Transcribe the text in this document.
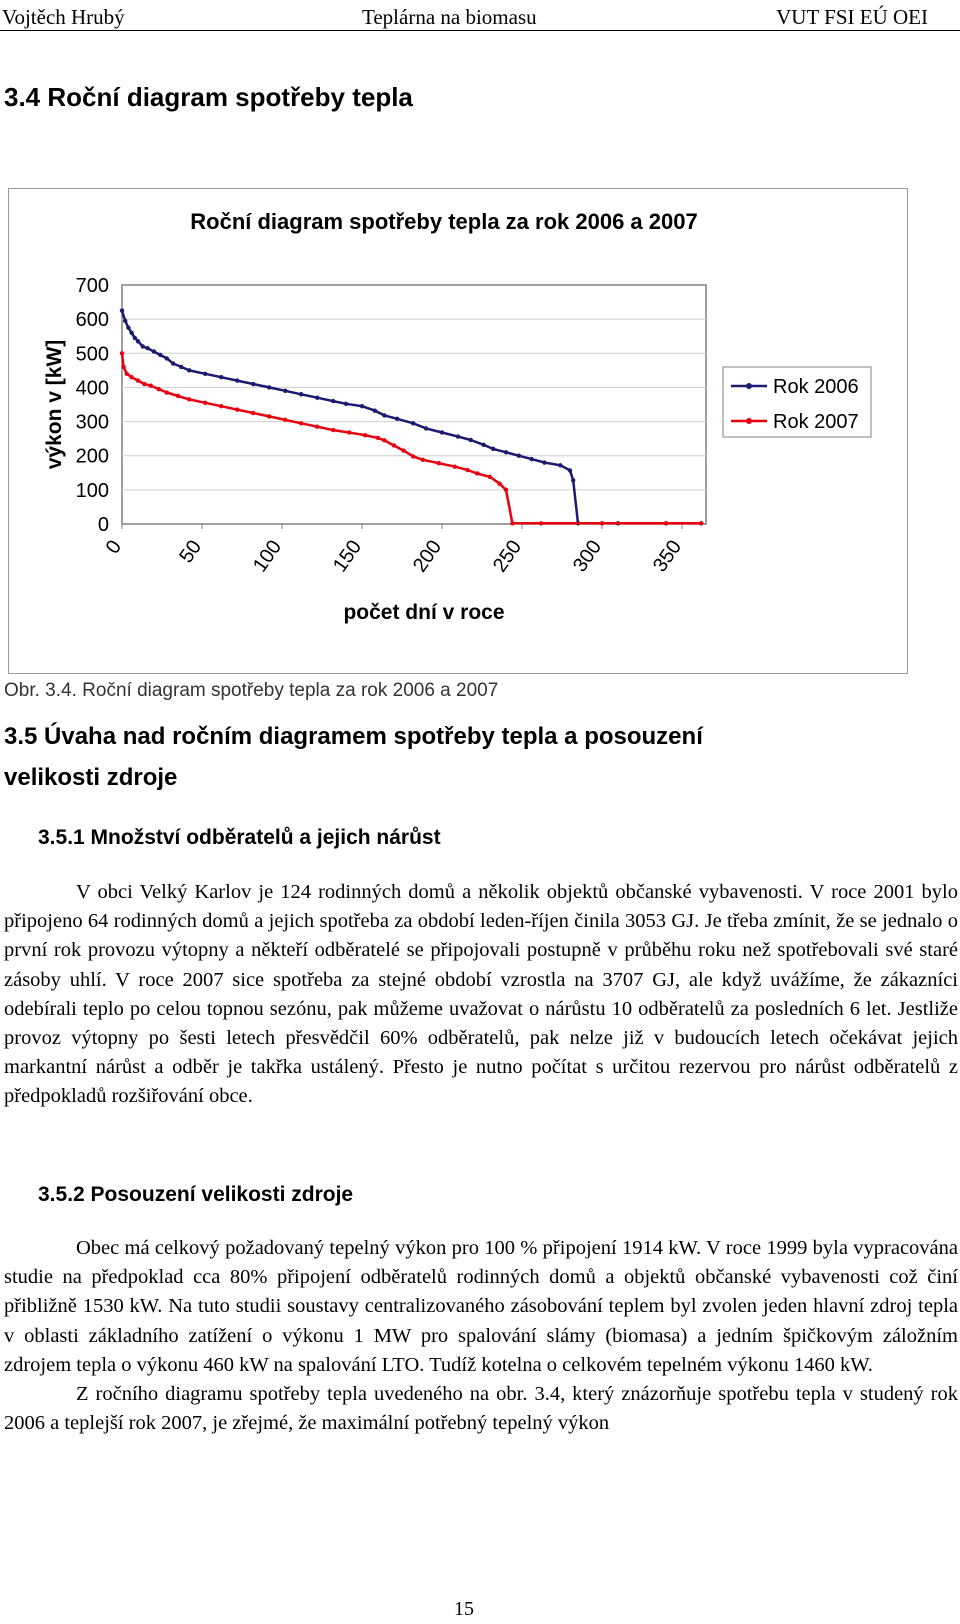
Vojtěch Hrubý	Teplárna na biomasu	VUT FSI EÚ OEI
3.4 Roční diagram spotřeby tepla
Roční diagram spotřeby tepla za rok 2006 a 2007
700
600
500
400
300
200
100
0
0 50 100 150 200 250 300 350
počet dní v roce
výkon v [kW]	Rok 2006
Rok 2007
Obr. 3.4. Roční diagram spotřeby tepla za rok 2006 a 2007
3.5 Úvaha nad ročním diagramem spotřeby tepla a posouzení
velikosti zdroje
3.5.1 Množství odběratelů a jejich nárůst

V obci Velký Karlov je 124 rodinných domů a několik objektů občanské vybavenosti. V roce 2001 bylo připojeno 64 rodinných domů a jejich spotřeba za období leden-říjen činila 3053 GJ. Je třeba zmínit, že se jednalo o první rok provozu výtopny a někteří odběratelé se připojovali postupně v průběhu roku než spotřebovali své staré zásoby uhlí. V roce 2007 sice spotřeba za stejné období vzrostla na 3707 GJ, ale když uvážíme, že zákazníci odebírali teplo po celou topnou sezónu, pak můžeme uvažovat o nárůstu 10 odběratelů za posledních 6 let. Jestliže provoz výtopny po šesti letech přesvědčil 60% odběratelů, pak nelze již v budoucích letech očekávat jejich markantní nárůst a odběr je takřka ustálený. Přesto je nutno počítat s určitou rezervou pro nárůst odběratelů z předpokladů rozšiřování obce.

3.5.2 Posouzení velikosti zdroje

Obec má celkový požadovaný tepelný výkon pro 100 % připojení 1914 kW. V roce 1999 byla vypracována studie na předpoklad cca 80% připojení odběratelů rodinných domů a objektů občanské vybavenosti což činí přibližně 1530 kW. Na tuto studii soustavy centralizovaného zásobování teplem byl zvolen jeden hlavní zdroj tepla v oblasti základního zatížení o výkonu 1 MW pro spalování slámy (biomasa) a jedním špičkovým záložním zdrojem tepla o výkonu 460 kW na spalování LTO. Tudíž kotelna o celkovém tepelném výkonu 1460 kW.

Z ročního diagramu spotřeby tepla uvedeného na obr. 3.4, který znázorňuje spotřebu tepla v studený rok 2006 a teplejší rok 2007, je zřejmé, že maximální potřebný tepelný výkon

15
